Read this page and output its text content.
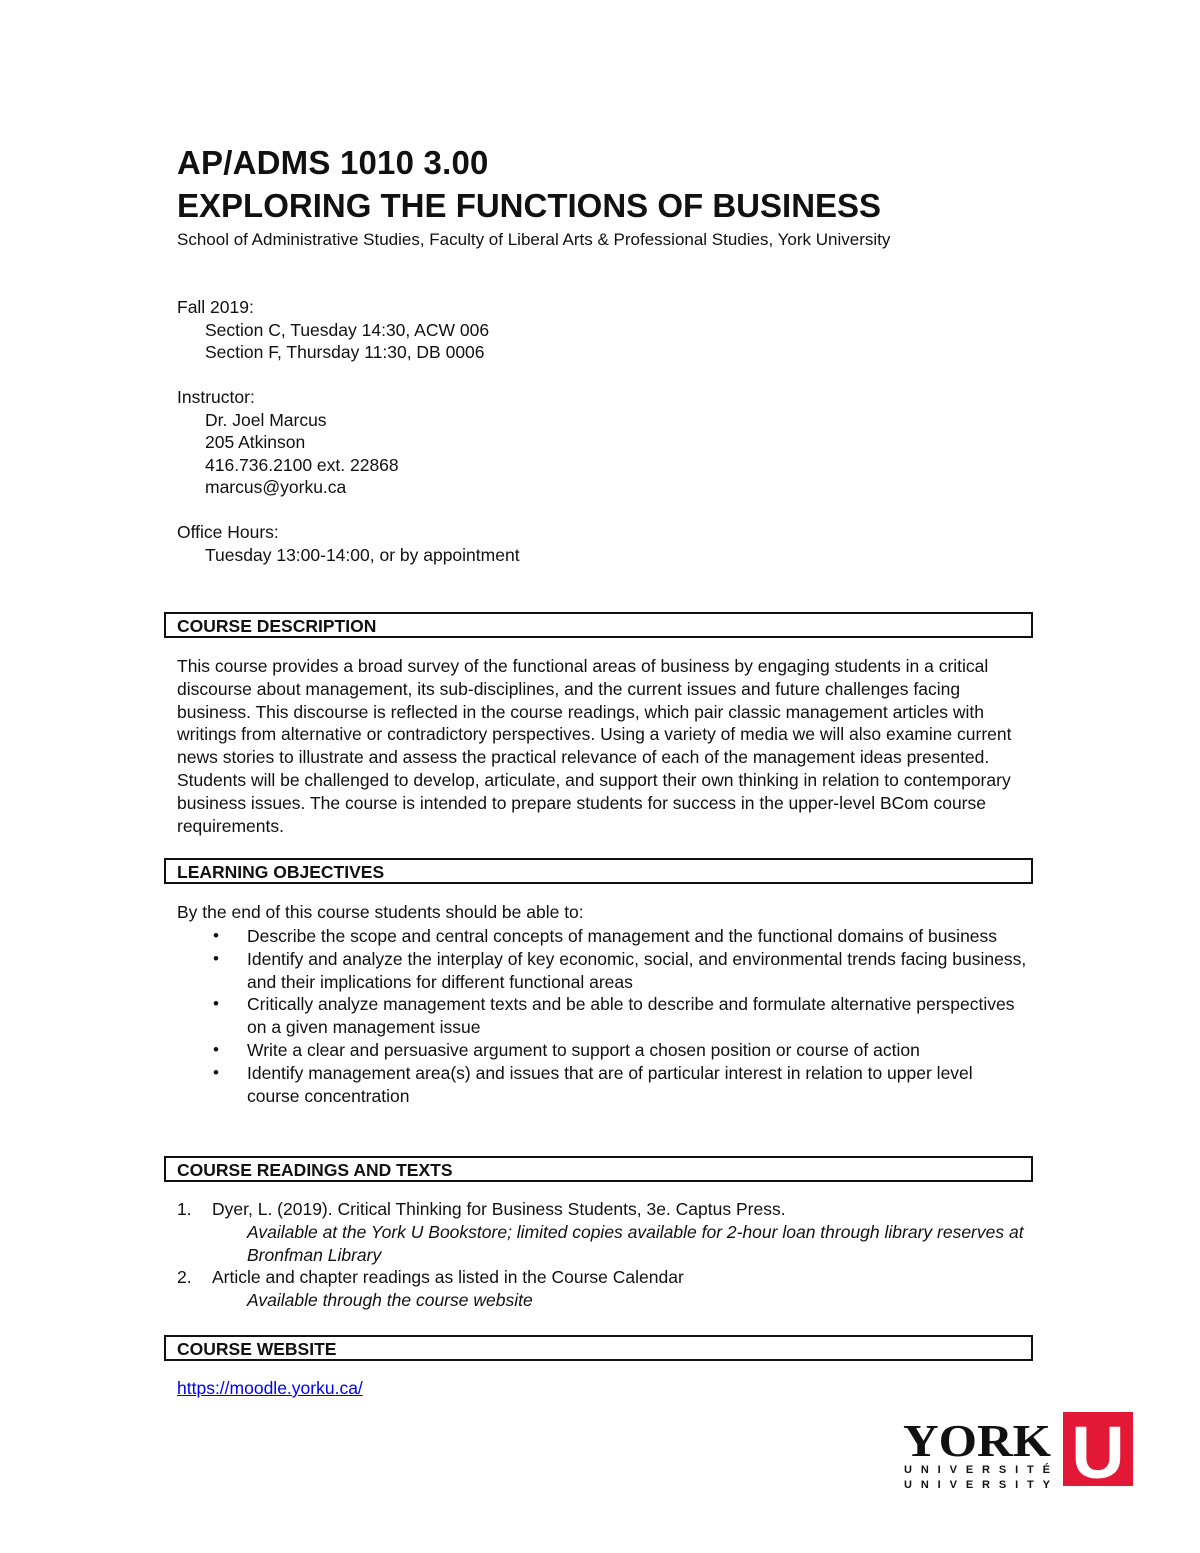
AP/ADMS 1010 3.00
EXPLORING THE FUNCTIONS OF BUSINESS
School of Administrative Studies, Faculty of Liberal Arts & Professional Studies, York University
Fall 2019:
Section C, Tuesday 14:30, ACW 006
Section F, Thursday 11:30, DB 0006
Instructor:
Dr. Joel Marcus
205 Atkinson
416.736.2100 ext. 22868
marcus@yorku.ca
Office Hours:
Tuesday 13:00-14:00, or by appointment
COURSE DESCRIPTION

This course provides a broad survey of the functional areas of business by engaging students in a critical discourse about management, its sub-disciplines, and the current issues and future challenges facing business. This discourse is reflected in the course readings, which pair classic management articles with writings from alternative or contradictory perspectives. Using a variety of media we will also examine current news stories to illustrate and assess the practical relevance of each of the management ideas presented. Students will be challenged to develop, articulate, and support their own thinking in relation to contemporary business issues. The course is intended to prepare students for success in the upper-level BCom course requirements.

LEARNING OBJECTIVES

By the end of this course students should be able to:

• Describe the scope and central concepts of management and the functional domains of business
• Identify and analyze the interplay of key economic, social, and environmental trends facing business, and their implications for different functional areas
• Critically analyze management texts and be able to describe and formulate alternative perspectives on a given management issue
• Write a clear and persuasive argument to support a chosen position or course of action
• Identify management area(s) and issues that are of particular interest in relation to upper level course concentration
COURSE READINGS AND TEXTS
1. Dyer, L. (2019). Critical Thinking for Business Students, 3e. Captus Press.
Available at the York U Bookstore; limited copies available for 2-hour loan through library reserves at Bronfman Library
2. Article and chapter readings as listed in the Course Calendar
Available through the course website
COURSE WEBSITE
https://moodle.yorku.ca/
YORK
UNIVERSITÉ
UNIVERSITY U
